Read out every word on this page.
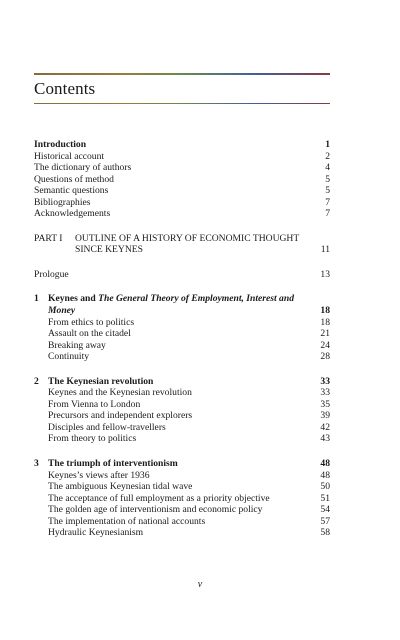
Contents
Introduction	1
Historical account	2
The dictionary of authors	4
Questions of method	5
Semantic questions	5
Bibliographies	7
Acknowledgements	7
PART I	OUTLINE OF A HISTORY OF ECONOMIC THOUGHT
SINCE KEYNES	11
Prologue	13
1 Keynes and The General Theory of Employment, Interest and
Money	18
From ethics to politics	18
Assault on the citadel	21
Breaking away	24
Continuity	28
2 The Keynesian revolution	33
Keynes and the Keynesian revolution	33
From Vienna to London	35
Precursors and independent explorers	39
Disciples and fellow-travellers	42
From theory to politics	43
3 The triumph of interventionism	48
Keynes’s views after 1936	48
The ambiguous Keynesian tidal wave	50
The acceptance of full employment as a priority objective	51
The golden age of interventionism and economic policy	54
The implementation of national accounts	57
Hydraulic Keynesianism	58
v
